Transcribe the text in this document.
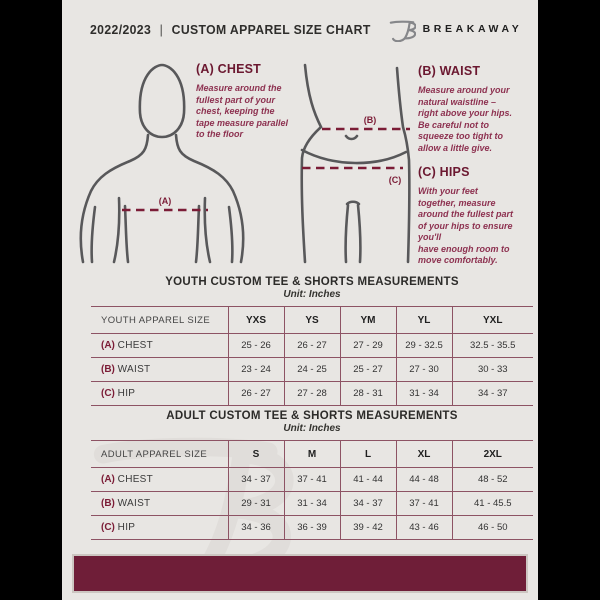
2022/2023 | CUSTOM APPAREL SIZE CHART	BREAKAWAY
(A)
(B)
(C)
(A) CHEST

Measure around the
fullest part of your
chest, keeping the
tape measure parallel
to the floor

(B) WAIST

Measure around your
natural waistline –
right above your hips.
Be careful not to
squeeze too tight to
allow a little give.

(C) HIPS

With your feet
together, measure
around the fullest part
of your hips to ensure
you'll
have enough room to
move comfortably.

YOUTH CUSTOM TEE & SHORTS MEASUREMENTS
Unit: Inches
YOUTH APPAREL SIZE	YXS	YS	YM	YL	YXL
(A) CHEST	25 - 26	26 - 27	27 - 29	29 - 32.5	32.5 - 35.5
(B) WAIST	23 - 24	24 - 25	25 - 27	27 - 30	30 - 33
(C) HIP	26 - 27	27 - 28	28 - 31	31 - 34	34 - 37
ADULT CUSTOM TEE & SHORTS MEASUREMENTS
Unit: Inches
ADULT APPAREL SIZE	S	M	L	XL	2XL
(A) CHEST	34 - 37	37 - 41	41 - 44	44 - 48	48 - 52
(B) WAIST	29 - 31	31 - 34	34 - 37	37 - 41	41 - 45.5
(C) HIP	34 - 36	36 - 39	39 - 42	43 - 46	46 - 50
